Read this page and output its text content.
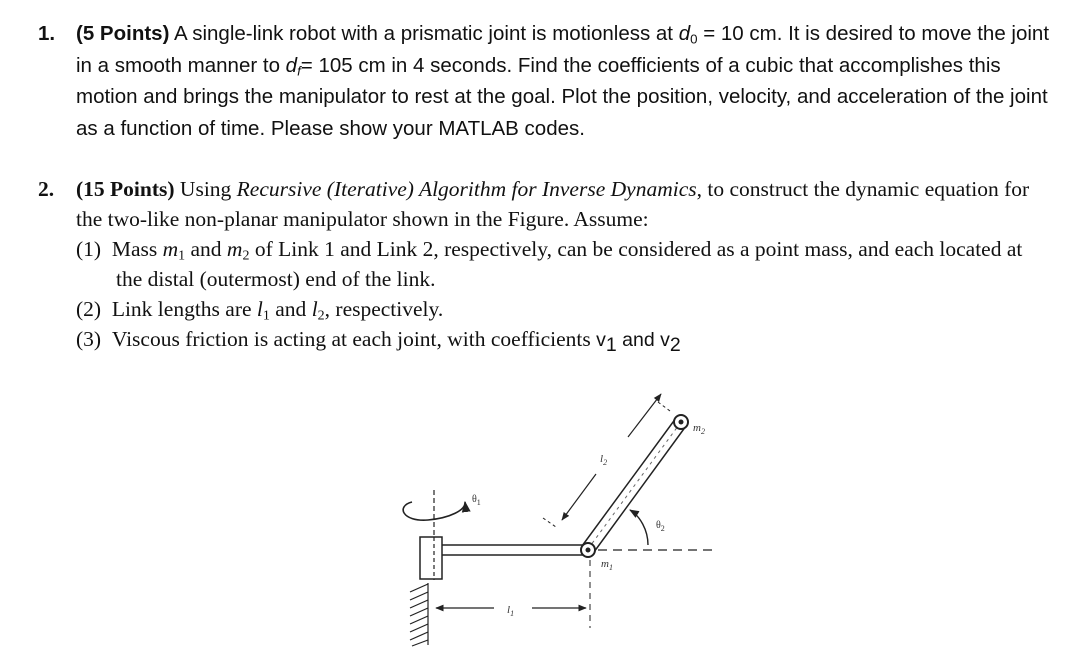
1. (5 Points) A single-link robot with a prismatic joint is motionless at $d_0 = 10$ cm. It is desired to move the joint in a smooth manner to $d_f= 105$ cm in 4 seconds. Find the coefficients of a cubic that accomplishes this motion and brings the manipulator to rest at the goal. Plot the position, velocity, and acceleration of the joint as a function of time. Please show your MATLAB codes.
2. (15 Points) Using Recursive (Iterative) Algorithm for Inverse Dynamics, to construct the dynamic equation for the two-like non-planar manipulator shown in the Figure. Assume:
(1) Mass $m_1$ and $m_2$ of Link 1 and Link 2, respectively, can be considered as a point mass, and each located at the distal (outermost) end of the link.
(2) Link lengths are $l_1$ and $l_2$, respectively.
(3) Viscous friction is acting at each joint, with coefficients $v_1$ and $v_2$
$\theta_1$
$m_1$
$\theta_2$
$m_2$
$l_2$
$l_1$
